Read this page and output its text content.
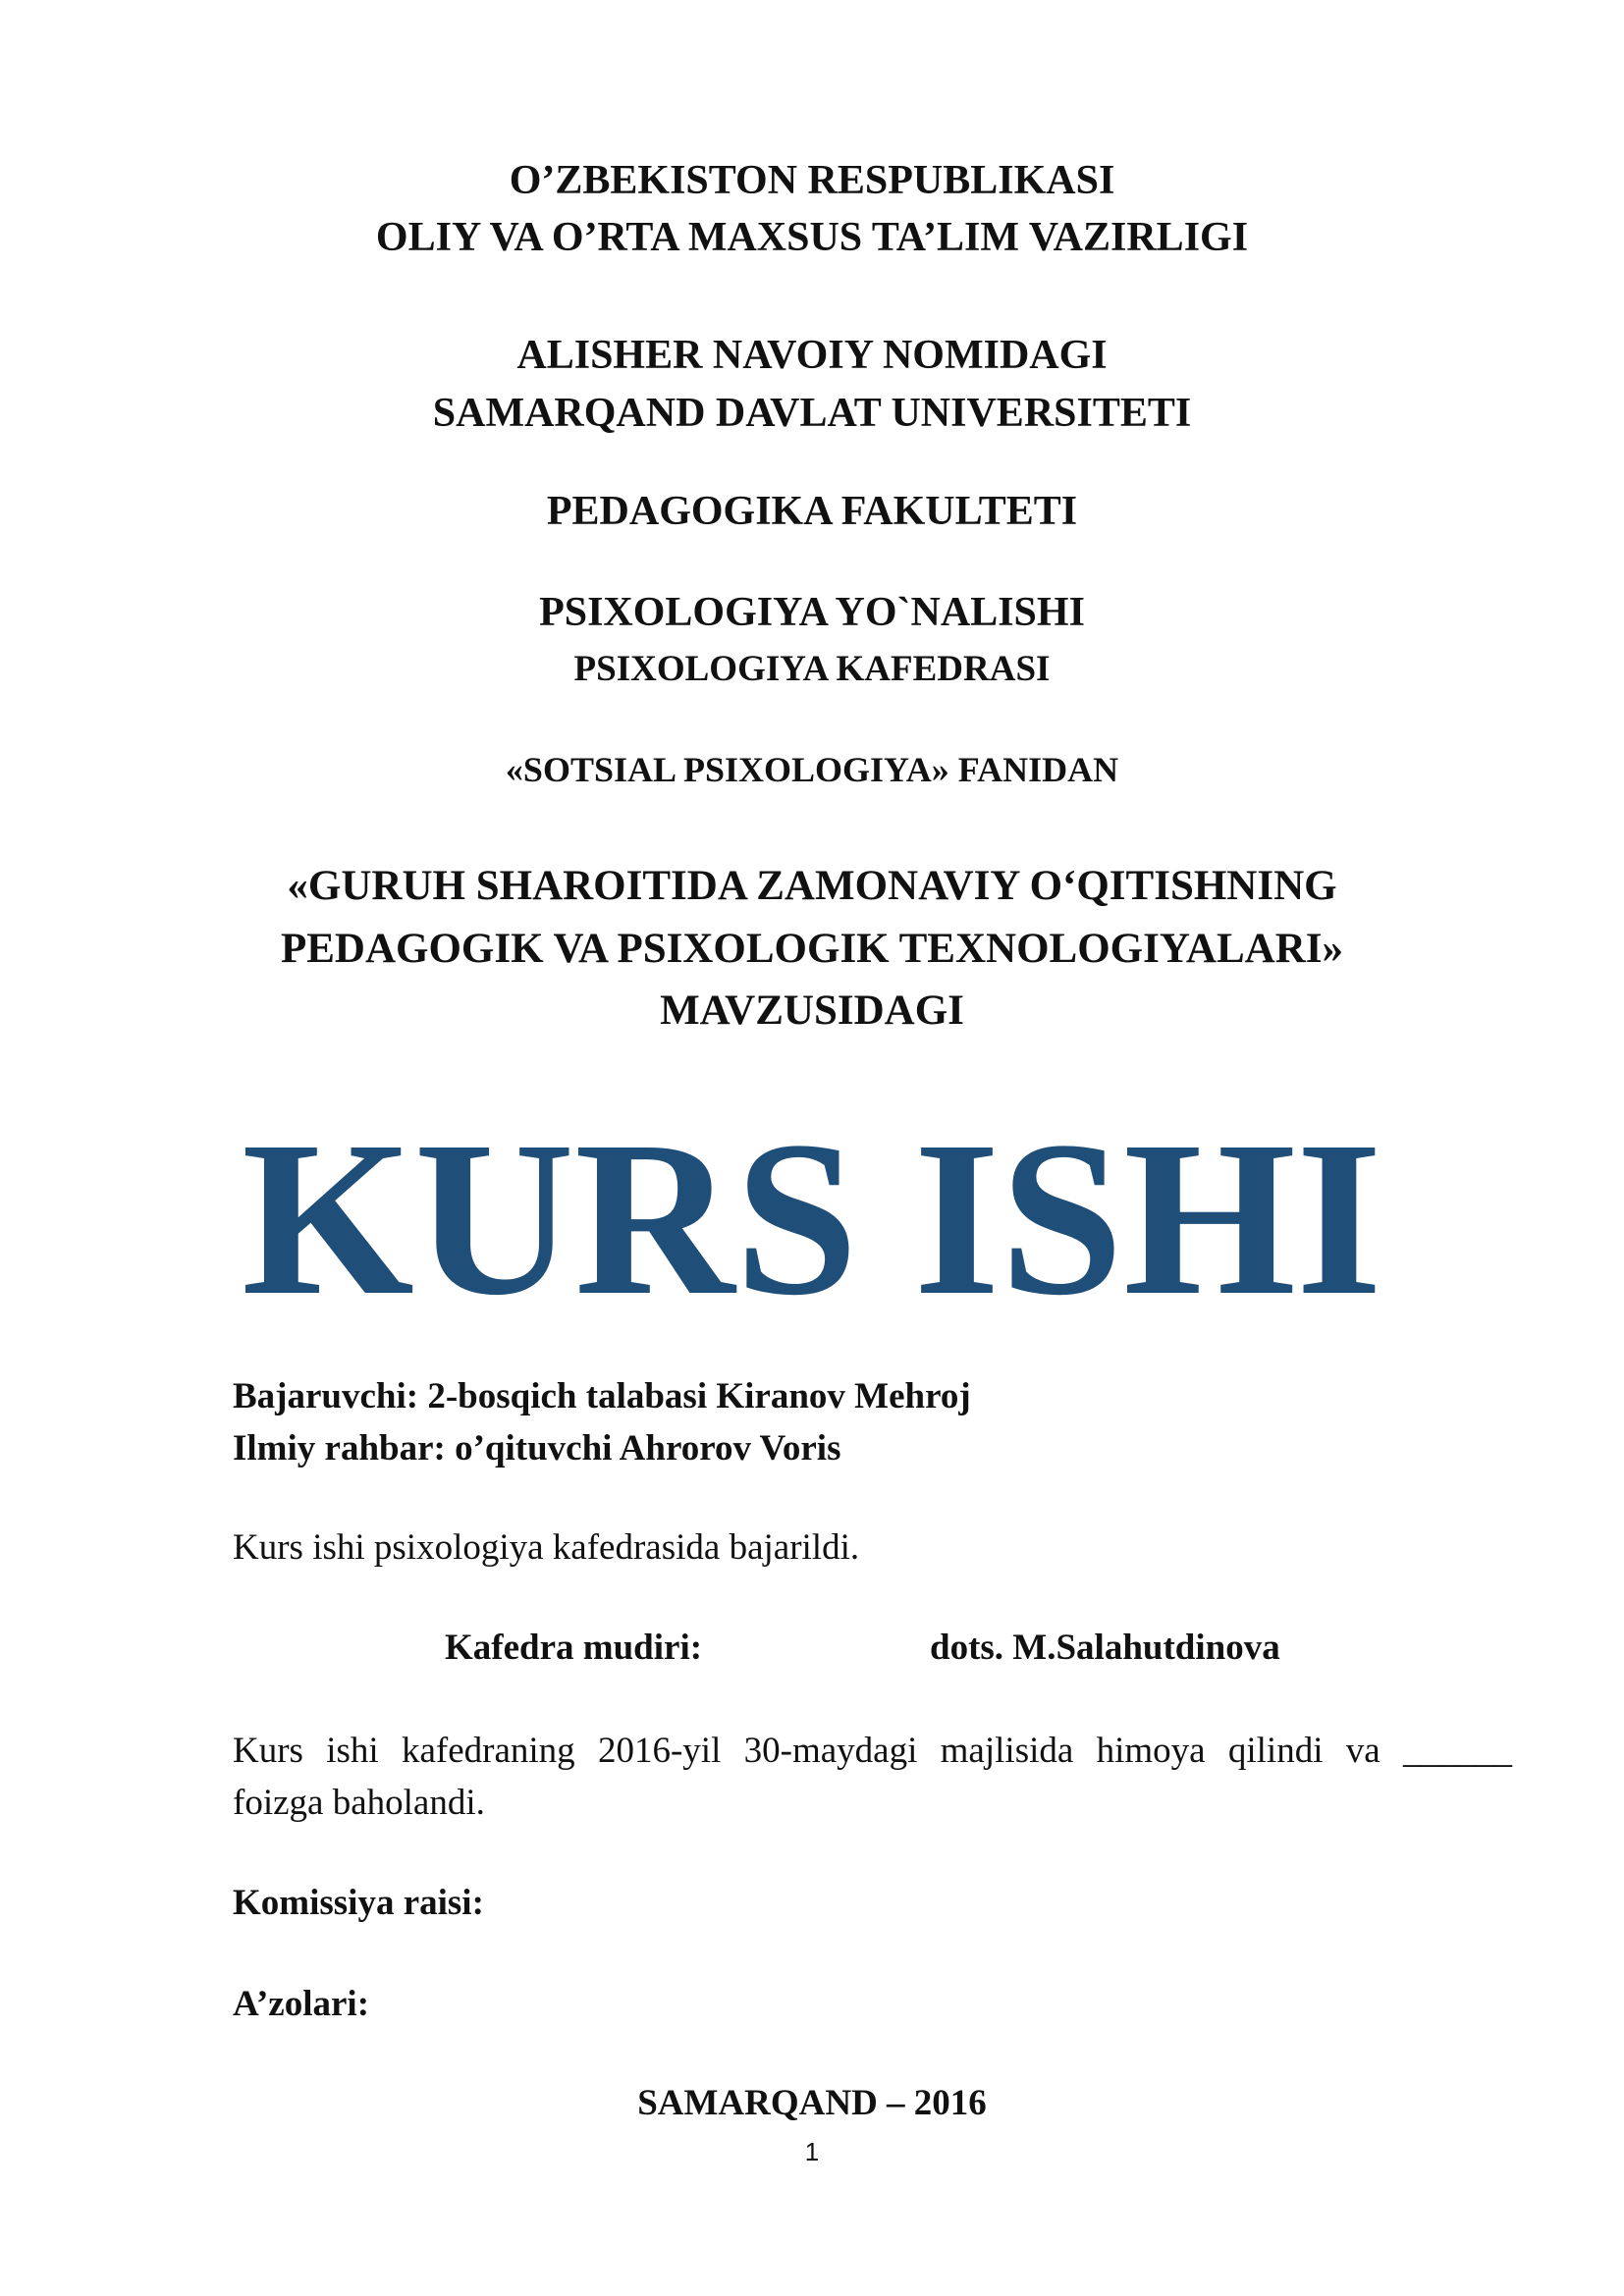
O’ZBEKISTON RESPUBLIKASI
OLIY VA O’RTA MAXSUS TA’LIM VAZIRLIGI
ALISHER NAVOIY NOMIDAGI
SAMARQAND DAVLAT UNIVERSITETI
PEDAGOGIKA FAKULTETI
PSIXOLOGIYA YO`NALISHI
PSIXOLOGIYA KAFEDRASI
«SOTSIAL PSIXOLOGIYA» FANIDAN
«GURUH SHAROITIDA ZAMONAVIY O‘QITISHNING
PEDAGOGIK VA PSIXOLOGIK TEXNOLOGIYALARI»
MAVZUSIDAGI
KURS ISHI
Bajaruvchi: 2-bosqich talabasi Kiranov Mehroj
Ilmiy rahbar: o’qituvchi Ahrorov Voris
Kurs ishi psixologiya kafedrasida bajarildi.
Kafedra mudiri:	dots. M.Salahutdinova
Kurs ishi kafedraning 2016-yil 30-maydagi majlisida himoya qilindi va ______
foizga baholandi.
Komissiya raisi:
A’zolari:
SAMARQAND – 2016
1
